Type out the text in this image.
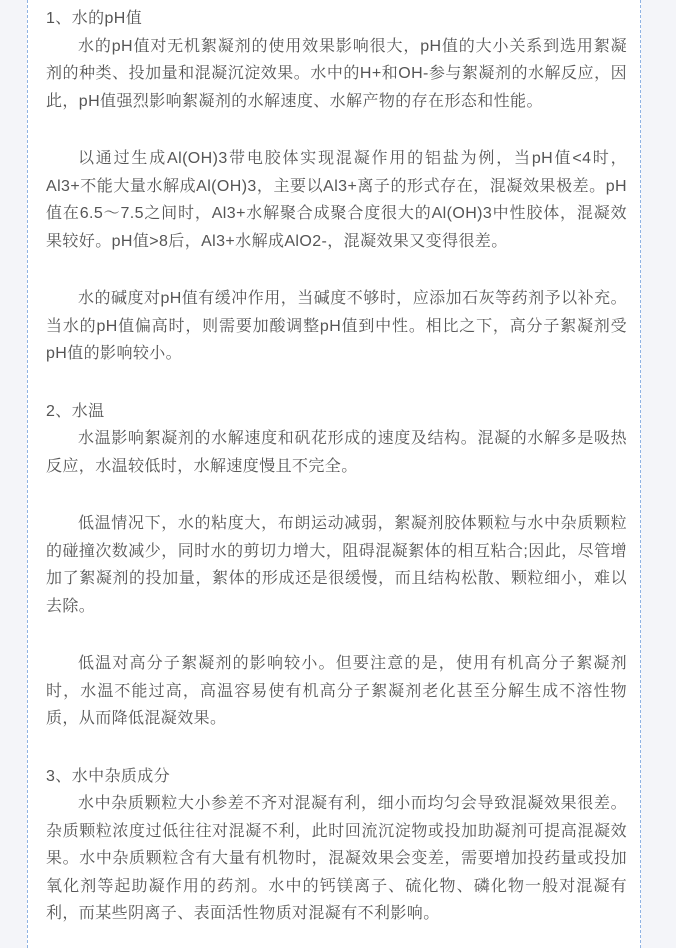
1、水的pH值

水的pH值对无机絮凝剂的使用效果影响很大，pH值的大小关系到选用絮凝剂的种类、投加量和混凝沉淀效果。水中的H+和OH-参与絮凝剂的水解反应，因此，pH值强烈影响絮凝剂的水解速度、水解产物的存在形态和性能。

以通过生成Al(OH)3带电胶体实现混凝作用的铝盐为例，当pH值<4时，Al3+不能大量水解成Al(OH)3，主要以Al3+离子的形式存在，混凝效果极差。pH值在6.5～7.5之间时，Al3+水解聚合成聚合度很大的Al(OH)3中性胶体，混凝效果较好。pH值>8后，Al3+水解成AlO2-，混凝效果又变得很差。

水的碱度对pH值有缓冲作用，当碱度不够时，应添加石灰等药剂予以补充。当水的pH值偏高时，则需要加酸调整pH值到中性。相比之下，高分子絮凝剂受pH值的影响较小。

2、水温

水温影响絮凝剂的水解速度和矾花形成的速度及结构。混凝的水解多是吸热反应，水温较低时，水解速度慢且不完全。

低温情况下，水的粘度大，布朗运动减弱，絮凝剂胶体颗粒与水中杂质颗粒的碰撞次数减少，同时水的剪切力增大，阻碍混凝絮体的相互粘合;因此，尽管增加了絮凝剂的投加量，絮体的形成还是很缓慢，而且结构松散、颗粒细小，难以去除。

低温对高分子絮凝剂的影响较小。但要注意的是，使用有机高分子絮凝剂时，水温不能过高，高温容易使有机高分子絮凝剂老化甚至分解生成不溶性物质，从而降低混凝效果。

3、水中杂质成分

水中杂质颗粒大小参差不齐对混凝有利，细小而均匀会导致混凝效果很差。杂质颗粒浓度过低往往对混凝不利，此时回流沉淀物或投加助凝剂可提高混凝效果。水中杂质颗粒含有大量有机物时，混凝效果会变差，需要增加投药量或投加氧化剂等起助凝作用的药剂。水中的钙镁离子、硫化物、磷化物一般对混凝有利，而某些阴离子、表面活性物质对混凝有不利影响。
